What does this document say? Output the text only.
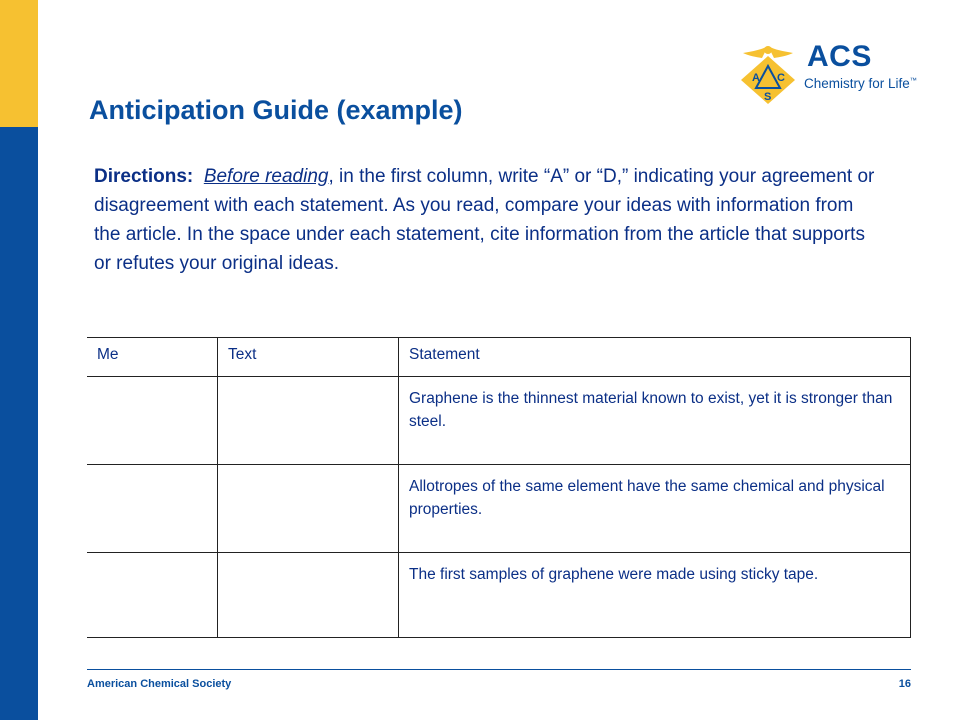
A C
S
ACS
Chemistry for Life™
Anticipation Guide (example)

Directions: Before reading, in the first column, write “A” or “D,” indicating your agreement or disagreement with each statement. As you read, compare your ideas with information from the article. In the space under each statement, cite information from the article that supports or refutes your original ideas.

Me	Text	Statement
		Graphene is the thinnest material known to exist, yet it is stronger than steel.
		Allotropes of the same element have the same chemical and physical properties.
		The first samples of graphene were made using sticky tape.
American Chemical Society	16
